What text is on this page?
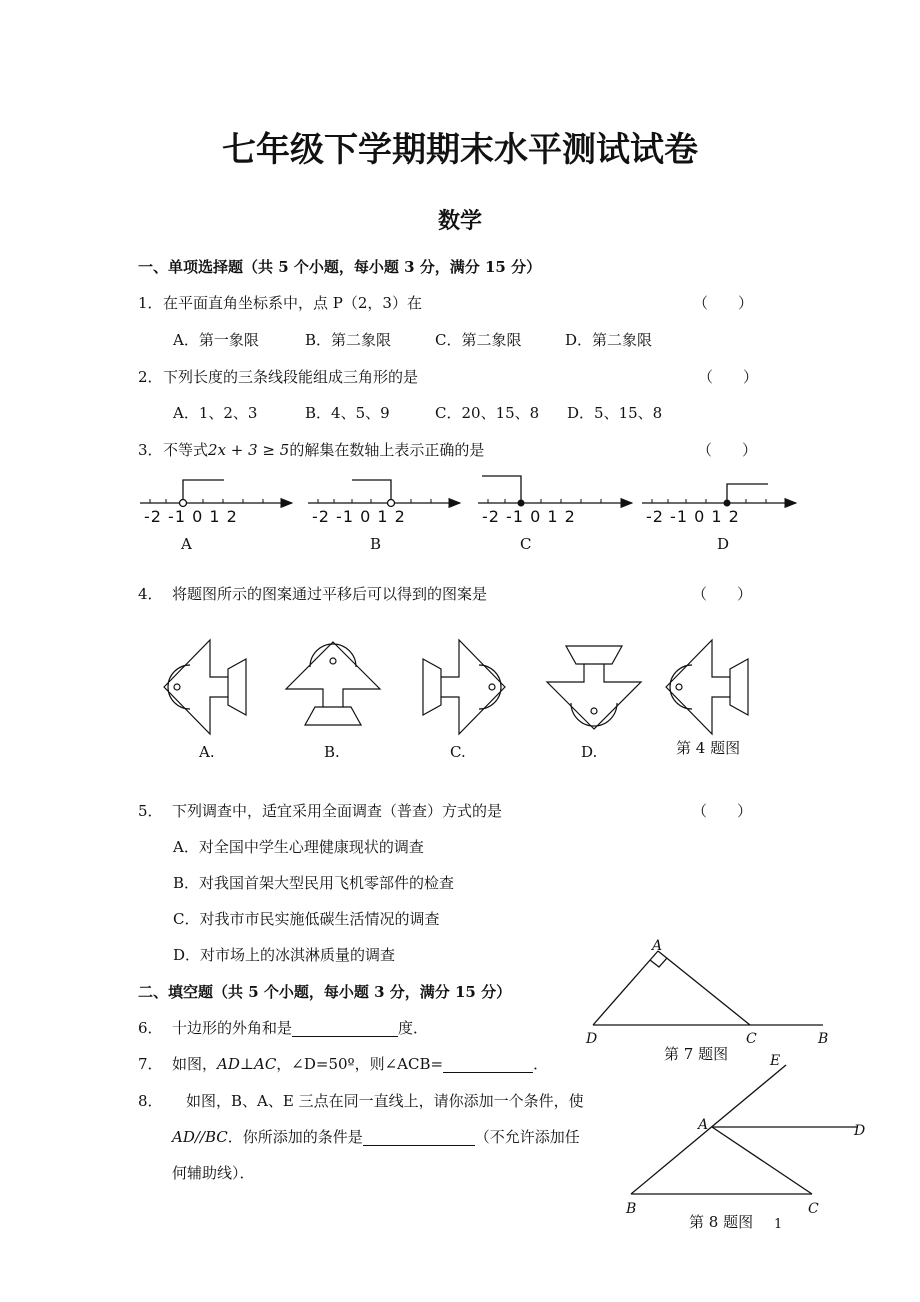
七年级下学期期末水平测试试卷
数学
一、单项选择题（共 5 个小题，每小题 3 分，满分 15 分）
1． 在平面直角坐标系中，点 P（2，3）在	（　　）
A．第一象限	B．第二象限	C．第二象限	D．第二象限
2． 下列长度的三条线段能组成三角形的是	（　　）
A．1、2、3	B．4、5、9	C．20、15、8 D．5、15、8
3． 不等式2x + 3 ≥ 5的解集在数轴上表示正确的是	（　　）
-2 -1 0 1 2	-2 -1 0 1 2	-2 -1 0 1 2	-2 -1 0 1 2
A	B	C	D
4． 将题图所示的图案通过平移后可以得到的图案是	（　　）
A.	B.	C.	D.	第 4 题图
5． 下列调查中，适宜采用全面调查（普查）方式的是	（　　）
A．对全国中学生心理健康现状的调查
B．对我国首架大型民用飞机零部件的检查
C．对我市市民实施低碳生活情况的调查
D．对市场上的冰淇淋质量的调查
二、填空题（共 5 个小题，每小题 3 分，满分 15 分）
6． 十边形的外角和是	度．
7． 如图，AD⊥AC，∠D=50º，则∠ACB=	．
8． 如图，B、A、E 三点在同一直线上，请你添加一个条件，使
AD//BC．你所添加的条件是	（不允许添加任
何辅助线）．
A
D	C	B
第 7 题图	E
A	D
B	C
第 8 题图 1
